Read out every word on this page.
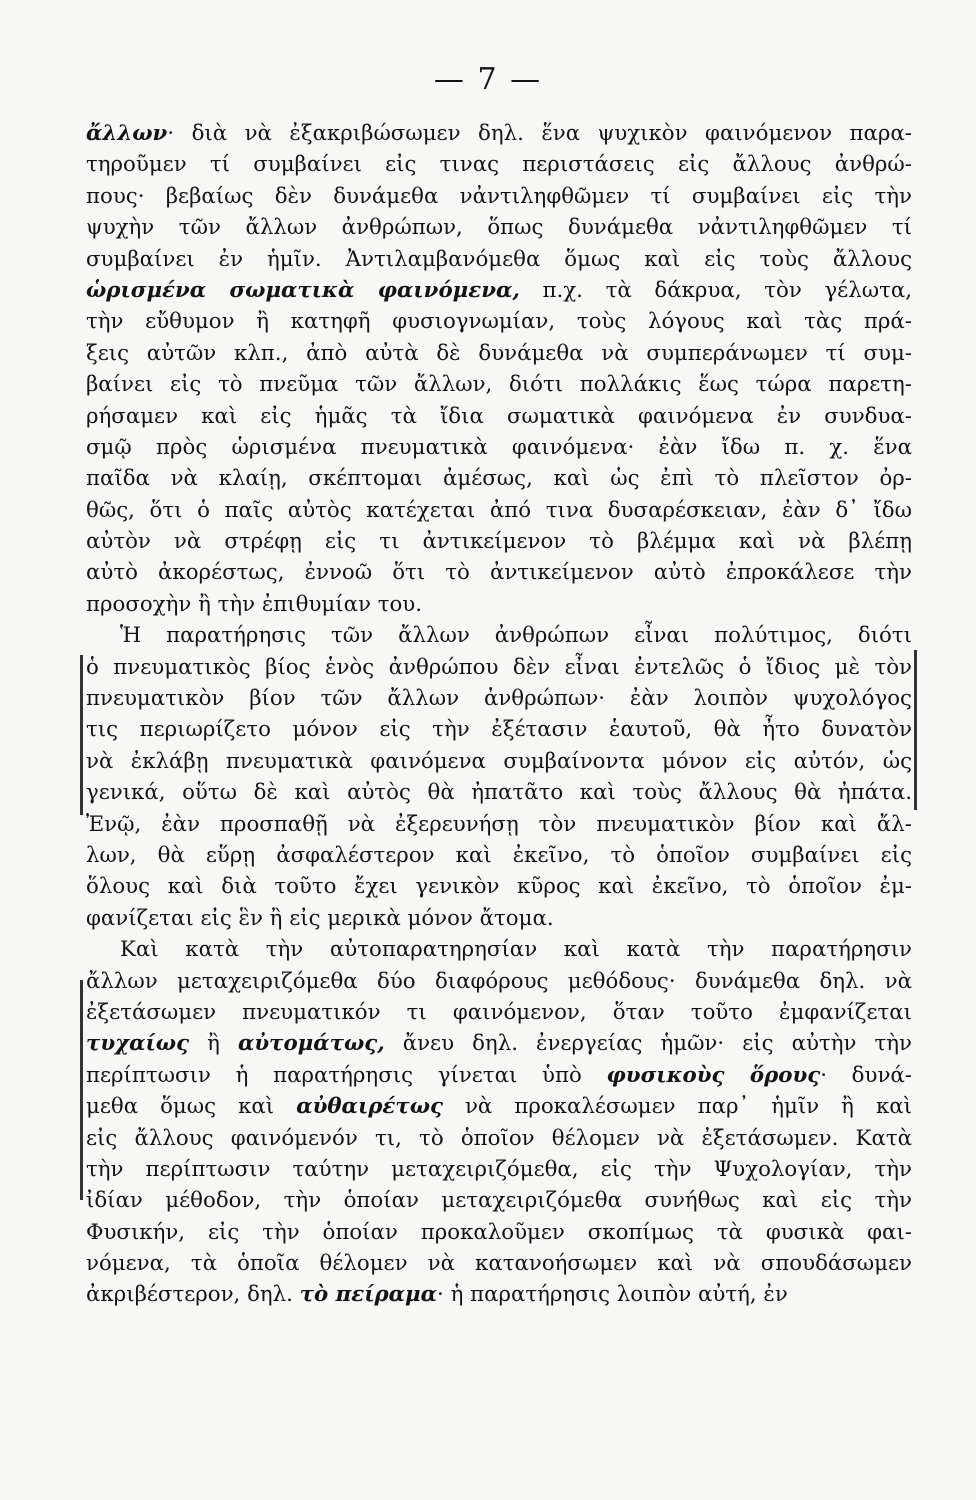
— 7 —
ἄλλων· διὰ νὰ ἐξακριβώσωμεν δηλ. ἕνα ψυχικὸν φαινόμενον παρα-
τηροῦμεν τί συμβαίνει εἰς τινας περιστάσεις εἰς ἄλλους ἀνθρώ-
πους· βεβαίως δὲν δυνάμεθα νἀντιληφθῶμεν τί συμβαίνει εἰς τὴν
ψυχὴν τῶν ἄλλων ἀνθρώπων, ὅπως δυνάμεθα νἀντιληφθῶμεν τί
συμβαίνει ἐν ἡμῖν. Ἀντιλαμβανόμεθα ὅμως καὶ εἰς τοὺς ἄλλους
ὡρισμένα σωματικὰ φαινόμενα, π.χ. τὰ δάκρυα, τὸν γέλωτα,
τὴν εὔθυμον ἢ κατηφῆ φυσιογνωμίαν, τοὺς λόγους καὶ τὰς πρά-
ξεις αὐτῶν κλπ., ἀπὸ αὐτὰ δὲ δυνάμεθα νὰ συμπεράνωμεν τί συμ-
βαίνει εἰς τὸ πνεῦμα τῶν ἄλλων, διότι πολλάκις ἕως τώρα παρετη-
ρήσαμεν καὶ εἰς ἡμᾶς τὰ ἴδια σωματικὰ φαινόμενα ἐν συνδυα-
σμῷ πρὸς ὡρισμένα πνευματικὰ φαινόμενα· ἐὰν ἴδω π. χ. ἕνα
παῖδα νὰ κλαίῃ, σκέπτομαι ἀμέσως, καὶ ὡς ἐπὶ τὸ πλεῖστον ὀρ-
θῶς, ὅτι ὁ παῖς αὐτὸς κατέχεται ἀπό τινα δυσαρέσκειαν, ἐὰν δ᾽ ἴδω
αὐτὸν νὰ στρέφῃ εἰς τι ἀντικείμενον τὸ βλέμμα καὶ νὰ βλέπῃ
αὐτὸ ἀκορέστως, ἐννοῶ ὅτι τὸ ἀντικείμενον αὐτὸ ἐπροκάλεσε τὴν
προσοχὴν ἢ τὴν ἐπιθυμίαν του.
Ἡ παρατήρησις τῶν ἄλλων ἀνθρώπων εἶναι πολύτιμος, διότι
ὁ πνευματικὸς βίος ἑνὸς ἀνθρώπου δὲν εἶναι ἐντελῶς ὁ ἴδιος μὲ τὸν
πνευματικὸν βίον τῶν ἄλλων ἀνθρώπων· ἐὰν λοιπὸν ψυχολόγος
τις περιωρίζετο μόνον εἰς τὴν ἐξέτασιν ἑαυτοῦ, θὰ ἦτο δυνατὸν
νὰ ἐκλάβῃ πνευματικὰ φαινόμενα συμβαίνοντα μόνον εἰς αὐτόν, ὡς
γενικά, οὕτω δὲ καὶ αὐτὸς θὰ ἠπατᾶτο καὶ τοὺς ἄλλους θὰ ἠπάτα.
Ἐνῷ, ἐὰν προσπαθῇ νὰ ἐξερευνήσῃ τὸν πνευματικὸν βίον καὶ ἄλ-
λων, θὰ εὕρῃ ἀσφαλέστερον καὶ ἐκεῖνο, τὸ ὁποῖον συμβαίνει εἰς
ὅλους καὶ διὰ τοῦτο ἔχει γενικὸν κῦρος καὶ ἐκεῖνο, τὸ ὁποῖον ἐμ-
φανίζεται εἰς ἓν ἢ εἰς μερικὰ μόνον ἄτομα.
Καὶ κατὰ τὴν αὐτοπαρατηρησίαν καὶ κατὰ τὴν παρατήρησιν
ἄλλων μεταχειριζόμεθα δύο διαφόρους μεθόδους· δυνάμεθα δηλ. νὰ
ἐξετάσωμεν πνευματικόν τι φαινόμενον, ὅταν τοῦτο ἐμφανίζεται
τυχαίως ἢ αὐτομάτως, ἄνευ δηλ. ἐνεργείας ἡμῶν· εἰς αὐτὴν τὴν
περίπτωσιν ἡ παρατήρησις γίνεται ὑπὸ φυσικοὺς ὅρους· δυνά-
μεθα ὅμως καὶ αὐθαιρέτως νὰ προκαλέσωμεν παρ᾽ ἡμῖν ἢ καὶ
εἰς ἄλλους φαινόμενόν τι, τὸ ὁποῖον θέλομεν νὰ ἐξετάσωμεν. Κατὰ
τὴν περίπτωσιν ταύτην μεταχειριζόμεθα, εἰς τὴν Ψυχολογίαν, τὴν
ἰδίαν μέθοδον, τὴν ὁποίαν μεταχειριζόμεθα συνήθως καὶ εἰς τὴν
Φυσικήν, εἰς τὴν ὁποίαν προκαλοῦμεν σκοπίμως τὰ φυσικὰ φαι-
νόμενα, τὰ ὁποῖα θέλομεν νὰ κατανοήσωμεν καὶ νὰ σπουδάσωμεν
ἀκριβέστερον, δηλ. τὸ πείραμα· ἡ παρατήρησις λοιπὸν αὐτή, ἐν
